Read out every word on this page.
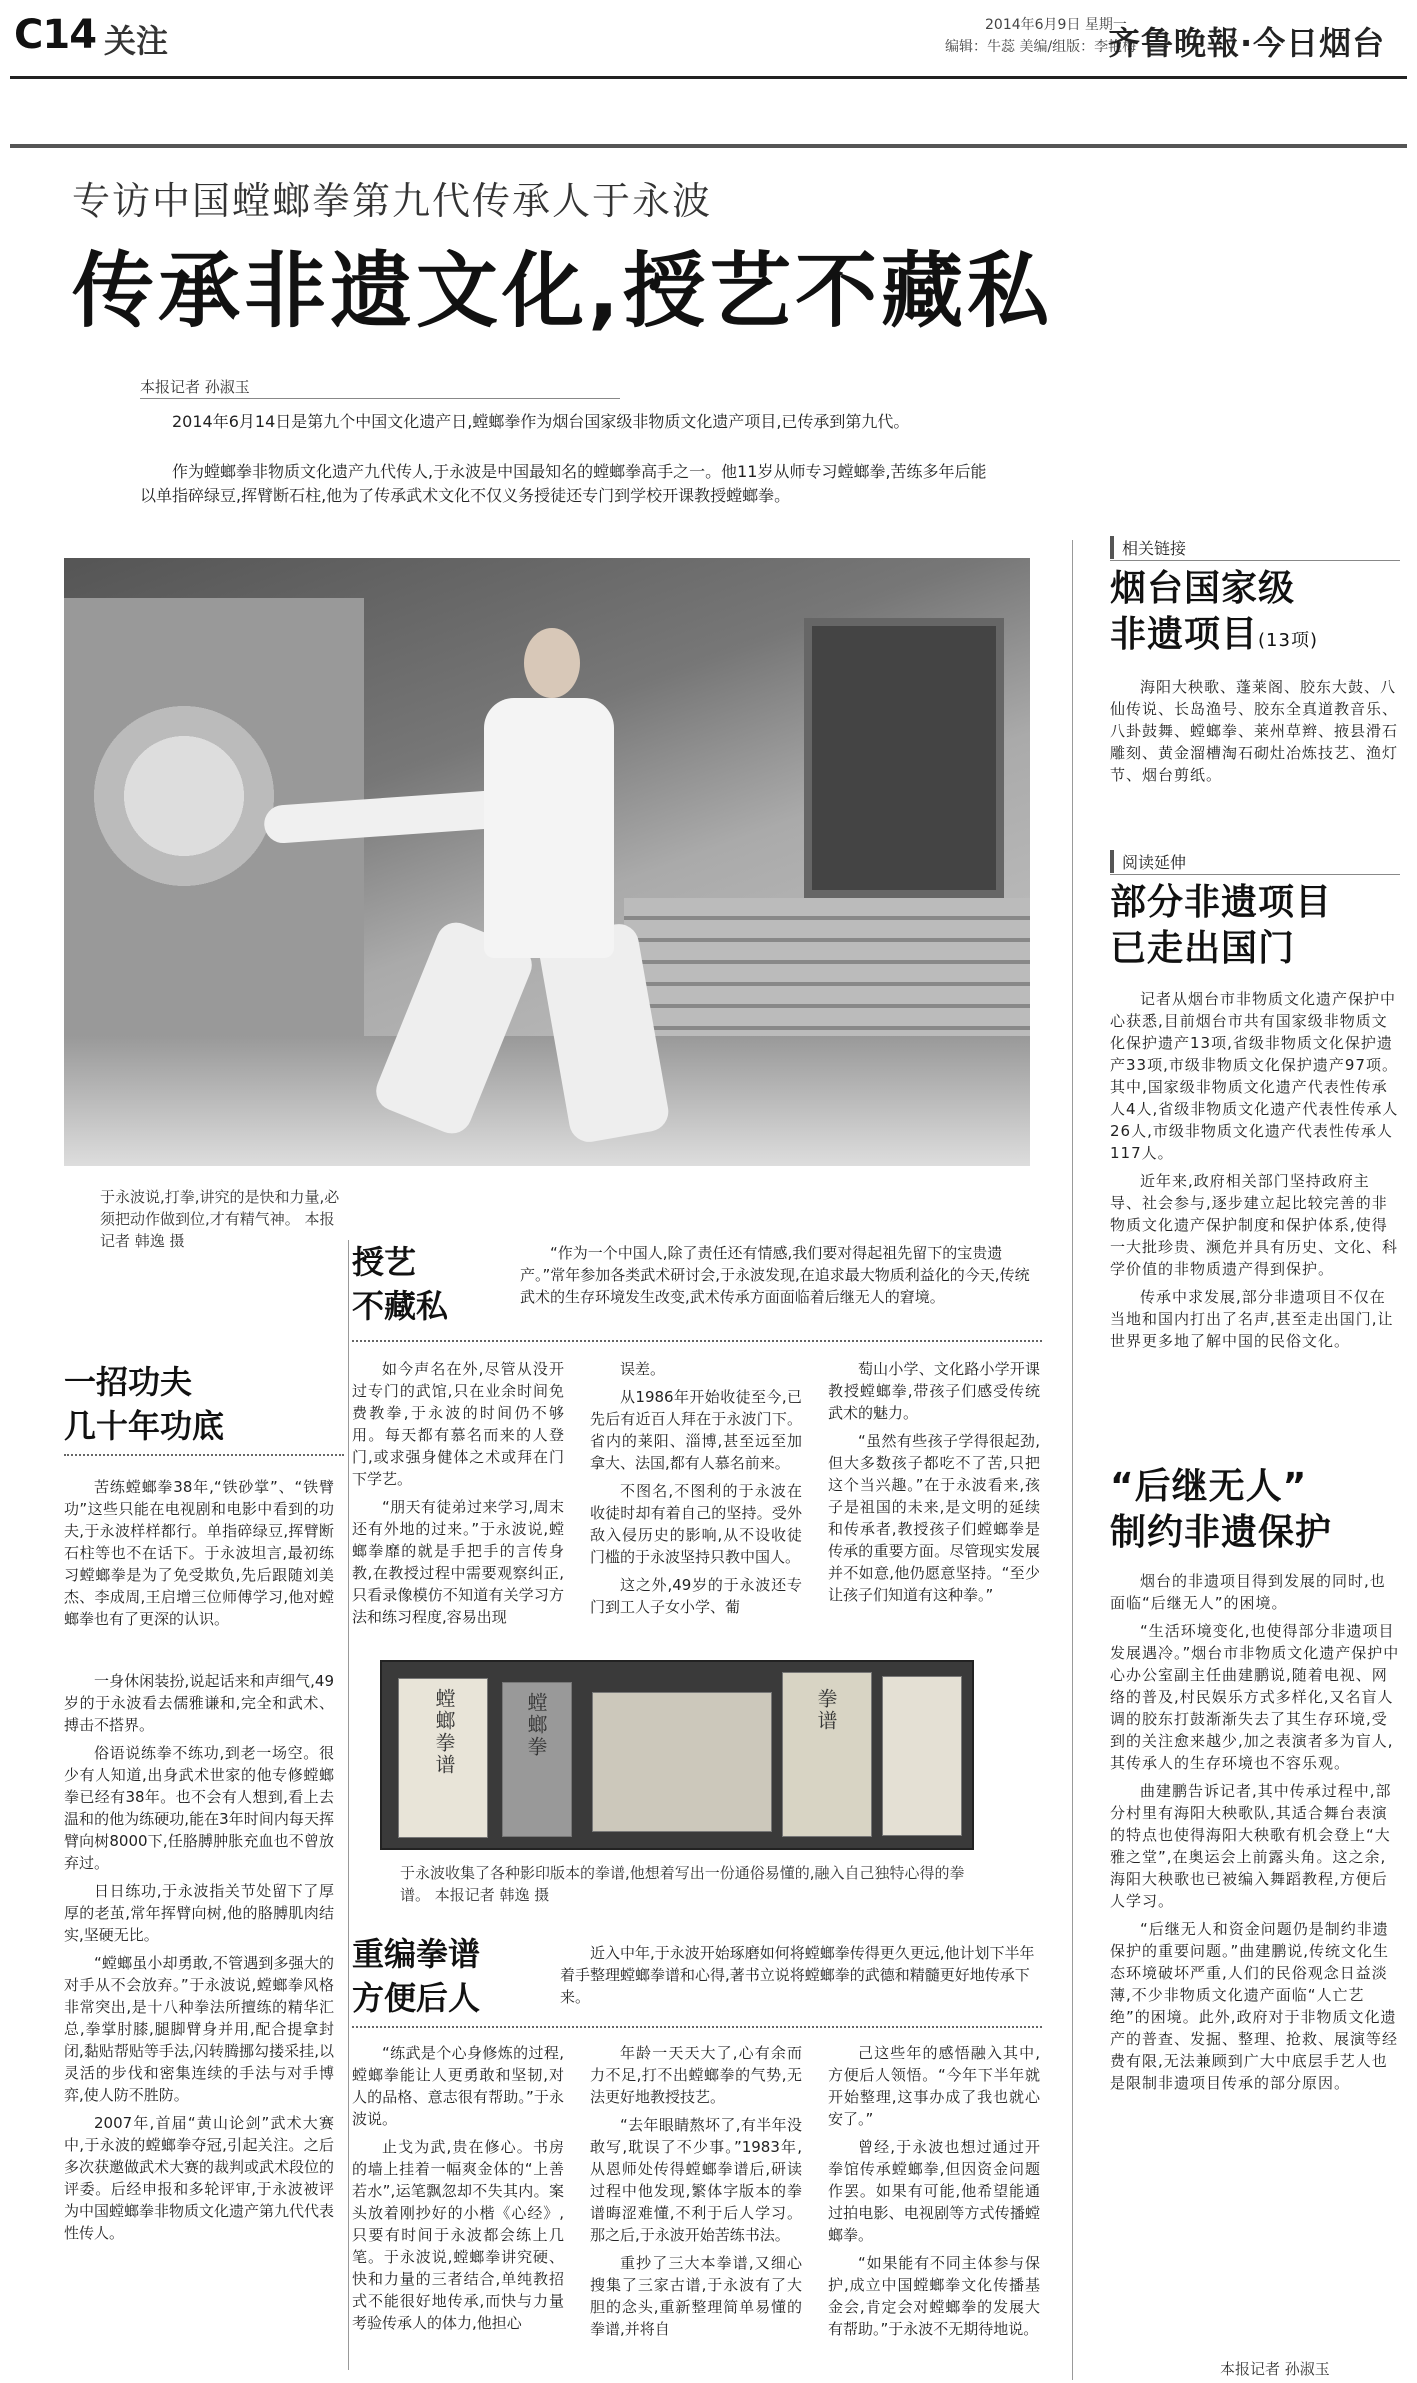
C14 关注	2014年6月9日 星期一
编辑：牛蕊 美编/组版：李艳梅
齐鲁晚報·今日烟台
专访中国螳螂拳第九代传承人于永波
传承非遗文化,授艺不藏私
本报记者 孙淑玉

2014年6月14日是第九个中国文化遗产日,螳螂拳作为烟台国家级非物质文化遗产项目,已传承到第九代。

作为螳螂拳非物质文化遗产九代传人,于永波是中国最知名的螳螂拳高手之一。他11岁从师专习螳螂拳,苦练多年后能以单指碎绿豆,挥臂断石柱,他为了传承武术文化不仅义务授徒还专门到学校开课教授螳螂拳。

于永波说,打拳,讲究的是快和力量,必须把动作做到位,才有精气神。 本报记者 韩逸 摄
一招功夫
几十年功底

苦练螳螂拳38年,“铁砂掌”、“铁臂功”这些只能在电视剧和电影中看到的功夫,于永波样样都行。单指碎绿豆,挥臂断石柱等也不在话下。于永波坦言,最初练习螳螂拳是为了免受欺负,先后跟随刘美杰、李成周,王启增三位师傅学习,他对螳螂拳也有了更深的认识。

一身休闲装扮,说起话来和声细气,49岁的于永波看去儒雅谦和,完全和武术、搏击不搭界。

俗语说练拳不练功,到老一场空。很少有人知道,出身武术世家的他专修螳螂拳已经有38年。也不会有人想到,看上去温和的他为练硬功,能在3年时间内每天挥臂向树8000下,任胳膊肿胀充血也不曾放弃过。

日日练功,于永波指关节处留下了厚厚的老茧,常年挥臂向树,他的胳膊肌肉结实,坚硬无比。

“螳螂虽小却勇敢,不管遇到多强大的对手从不会放弃。”于永波说,螳螂拳风格非常突出,是十八种拳法所擅练的精华汇总,拳掌肘膝,腿脚臂身并用,配合提拿封闭,黏贴帮贴等手法,闪转腾挪勾搂采挂,以灵活的步伐和密集连续的手法与对手博弈,使人防不胜防。

2007年,首届“黄山论剑”武术大赛中,于永波的螳螂拳夺冠,引起关注。之后多次获邀做武术大赛的裁判或武术段位的评委。后经申报和多轮评审,于永波被评为中国螳螂拳非物质文化遗产第九代代表性传人。

授艺
不藏私
“作为一个中国人,除了责任还有情感,我们要对得起祖先留下的宝贵遗产。”常年参加各类武术研讨会,于永波发现,在追求最大物质利益化的今天,传统武术的生存环境发生改变,武术传承方面面临着后继无人的窘境。

如今声名在外,尽管从没开过专门的武馆,只在业余时间免费教拳,于永波的时间仍不够用。每天都有慕名而来的人登门,或求强身健体之术或拜在门下学艺。

“朋天有徒弟过来学习,周末还有外地的过来。”于永波说,螳螂拳靡的就是手把手的言传身教,在教授过程中需要观察纠正,只看录像模仿不知道有关学习方法和练习程度,容易出现

误差。

从1986年开始收徒至今,已先后有近百人拜在于永波门下。省内的莱阳、淄博,甚至远至加拿大、法国,都有人慕名前来。

不图名,不图利的于永波在收徒时却有着自己的坚持。受外敌入侵历史的影响,从不设收徒门槛的于永波坚持只教中国人。

这之外,49岁的于永波还专门到工人子女小学、葡

萄山小学、文化路小学开课教授螳螂拳,带孩子们感受传统武术的魅力。

“虽然有些孩子学得很起劲,但大多数孩子都吃不了苦,只把这个当兴趣。”在于永波看来,孩子是祖国的未来,是文明的延续和传承者,教授孩子们螳螂拳是传承的重要方面。尽管现实发展并不如意,他仍愿意坚持。“至少让孩子们知道有这种拳。”

螳螂拳谱	螳螂拳	拳谱
于永波收集了各种影印版本的拳谱,他想着写出一份通俗易懂的,融入自己独特心得的拳谱。 本报记者 韩逸 摄
重编拳谱
方便后人
近入中年,于永波开始琢磨如何将螳螂拳传得更久更远,他计划下半年着手整理螳螂拳谱和心得,著书立说将螳螂拳的武德和精髓更好地传承下来。

“练武是个心身修炼的过程,螳螂拳能让人更勇敢和坚韧,对人的品格、意志很有帮助。”于永波说。

止戈为武,贵在修心。书房的墙上挂着一幅爽金体的“上善若水”,运笔飘忽却不失其内。案头放着刚抄好的小楷《心经》,只要有时间于永波都会练上几笔。于永波说,螳螂拳讲究硬、快和力量的三者结合,单纯教招式不能很好地传承,而快与力量考验传承人的体力,他担心

年龄一天天大了,心有余而力不足,打不出螳螂拳的气势,无法更好地教授技艺。

“去年眼睛熬坏了,有半年没敢写,耽误了不少事。”1983年,从恩师处传得螳螂拳谱后,研读过程中他发现,繁体字版本的拳谱晦涩难懂,不利于后人学习。那之后,于永波开始苦练书法。

重抄了三大本拳谱,又细心搜集了三家古谱,于永波有了大胆的念头,重新整理简单易懂的拳谱,并将自

己这些年的感悟融入其中,方便后人领悟。“今年下半年就开始整理,这事办成了我也就心安了。”

曾经,于永波也想过通过开拳馆传承螳螂拳,但因资金问题作罢。如果有可能,他希望能通过拍电影、电视剧等方式传播螳螂拳。

“如果能有不同主体参与保护,成立中国螳螂拳文化传播基金会,肯定会对螳螂拳的发展大有帮助。”于永波不无期待地说。

相关链接
烟台国家级
非遗项目(13项)
海阳大秧歌、蓬莱阁、胶东大鼓、八仙传说、长岛渔号、胶东全真道教音乐、八卦鼓舞、螳螂拳、莱州草辫、掖县滑石雕刻、黄金溜槽淘石砌灶冶炼技艺、渔灯节、烟台剪纸。
阅读延伸
部分非遗项目
已走出国门

记者从烟台市非物质文化遗产保护中心获悉,目前烟台市共有国家级非物质文化保护遗产13项,省级非物质文化保护遗产33项,市级非物质文化保护遗产97项。其中,国家级非物质文化遗产代表性传承人4人,省级非物质文化遗产代表性传承人26人,市级非物质文化遗产代表性传承人117人。

近年来,政府相关部门坚持政府主导、社会参与,逐步建立起比较完善的非物质文化遗产保护制度和保护体系,使得一大批珍贵、濒危并具有历史、文化、科学价值的非物质遗产得到保护。

传承中求发展,部分非遗项目不仅在当地和国内打出了名声,甚至走出国门,让世界更多地了解中国的民俗文化。

“后继无人”
制约非遗保护

烟台的非遗项目得到发展的同时,也面临“后继无人”的困境。

“生活环境变化,也使得部分非遗项目发展遇冷。”烟台市非物质文化遗产保护中心办公室副主任曲建鹏说,随着电视、网络的普及,村民娱乐方式多样化,又名盲人调的胶东打鼓渐渐失去了其生存环境,受到的关注愈来越少,加之表演者多为盲人,其传承人的生存环境也不容乐观。

曲建鹏告诉记者,其中传承过程中,部分村里有海阳大秧歌队,其适合舞台表演的特点也使得海阳大秧歌有机会登上“大雅之堂”,在奥运会上前露头角。这之余,海阳大秧歌也已被编入舞蹈教程,方便后人学习。

“后继无人和资金问题仍是制约非遗保护的重要问题。”曲建鹏说,传统文化生态环境破坏严重,人们的民俗观念日益淡薄,不少非物质文化遗产面临“人亡艺绝”的困境。此外,政府对于非物质文化遗产的普查、发掘、整理、抢救、展演等经费有限,无法兼顾到广大中底层手艺人也是限制非遗项目传承的部分原因。

本报记者 孙淑玉
